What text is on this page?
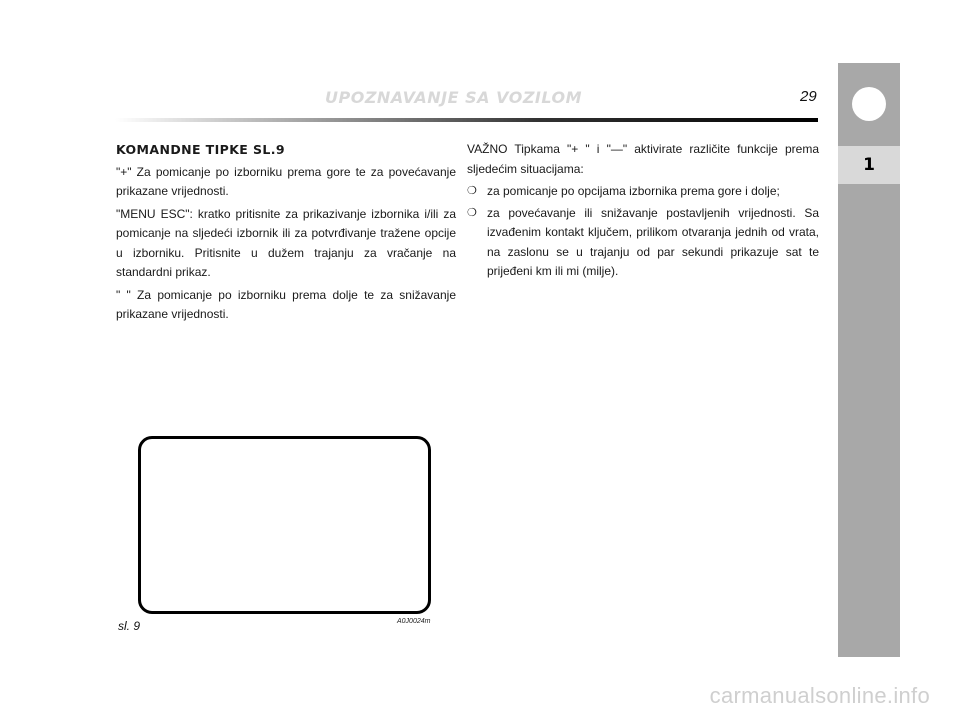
UPOZNAVANJE SA VOZILOM	29
1
KOMANDNE TIPKE SL.9

"+" Za pomicanje po izborniku prema gore te za povećavanje prikazane vrijednosti.

"MENU ESC": kratko pritisnite za prikazivanje izbornika i/ili za pomicanje na sljedeći izbornik ili za potvrđivanje tražene opcije u izborniku. Pritisnite u dužem trajanju za vračanje na standardni prikaz.

" " Za pomicanje po izborniku prema dolje te za snižavanje prikazane vrijednosti.

VAŽNO Tipkama "+ " i "—" aktivirate različite funkcije prema sljedećim situacijama:

❍ za pomicanje po opcijama izbornika prema gore i dolje;
❍ za povećavanje ili snižavanje postavljenih vrijednosti. Sa izvađenim kontakt ključem, prilikom otvaranja jednih od vrata, na zaslonu se u trajanju od par sekundi prikazuje sat te prijeđeni km ili mi (milje).
sl. 9	A0J0024m
carmanualsonline.info
